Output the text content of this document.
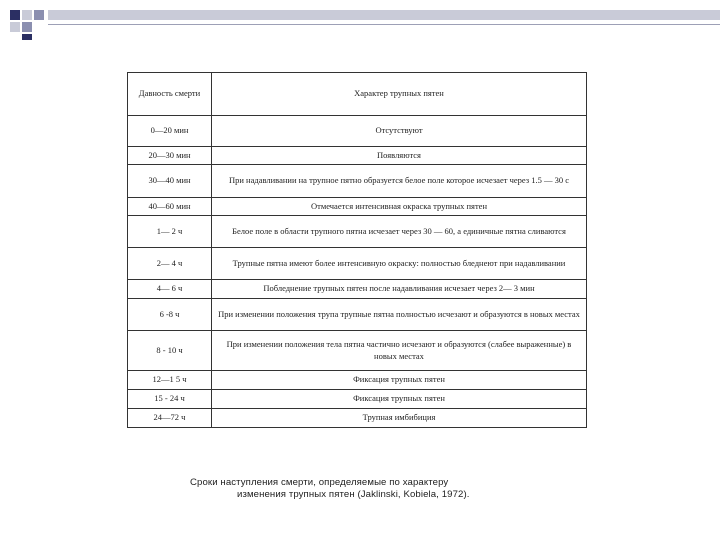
Давность смерти	Характер трупных пятен
0—20 мин	Отсутствуют
20—30 мин	Появляются
30—40 мин	При надавливании на трупное пятно образуется белое поле которое исчезает через 1.5 — 30 с
40—60 мин	Отмечается интенсивная окраска трупных пятен
1— 2 ч	Белое поле в области трупного пятна исчезает через 30 — 60, а единичные пятна сливаются
2— 4 ч	Трупные пятна имеют более интенсивную окраску: полностью бледнеют при надавливании
4— 6 ч	Побледнение трупных пятен после надавливания исчезает через 2— 3 мин
6 -8 ч	При изменении положения трупа трупные пятна полностью исчезают и образуются в новых местах
8 - 10 ч	При изменении положения тела пятна частично исчезают и образуются (слабее выраженные) в новых местах
12—1 5 ч	Фиксация трупных пятен
15 - 24 ч	Фиксация трупных пятен
24—72 ч	Трупная имбибиция
Сроки наступления смерти, определяемые по характеру
изменения трупных пятен (Jaklinski, Kobiela, 1972).
